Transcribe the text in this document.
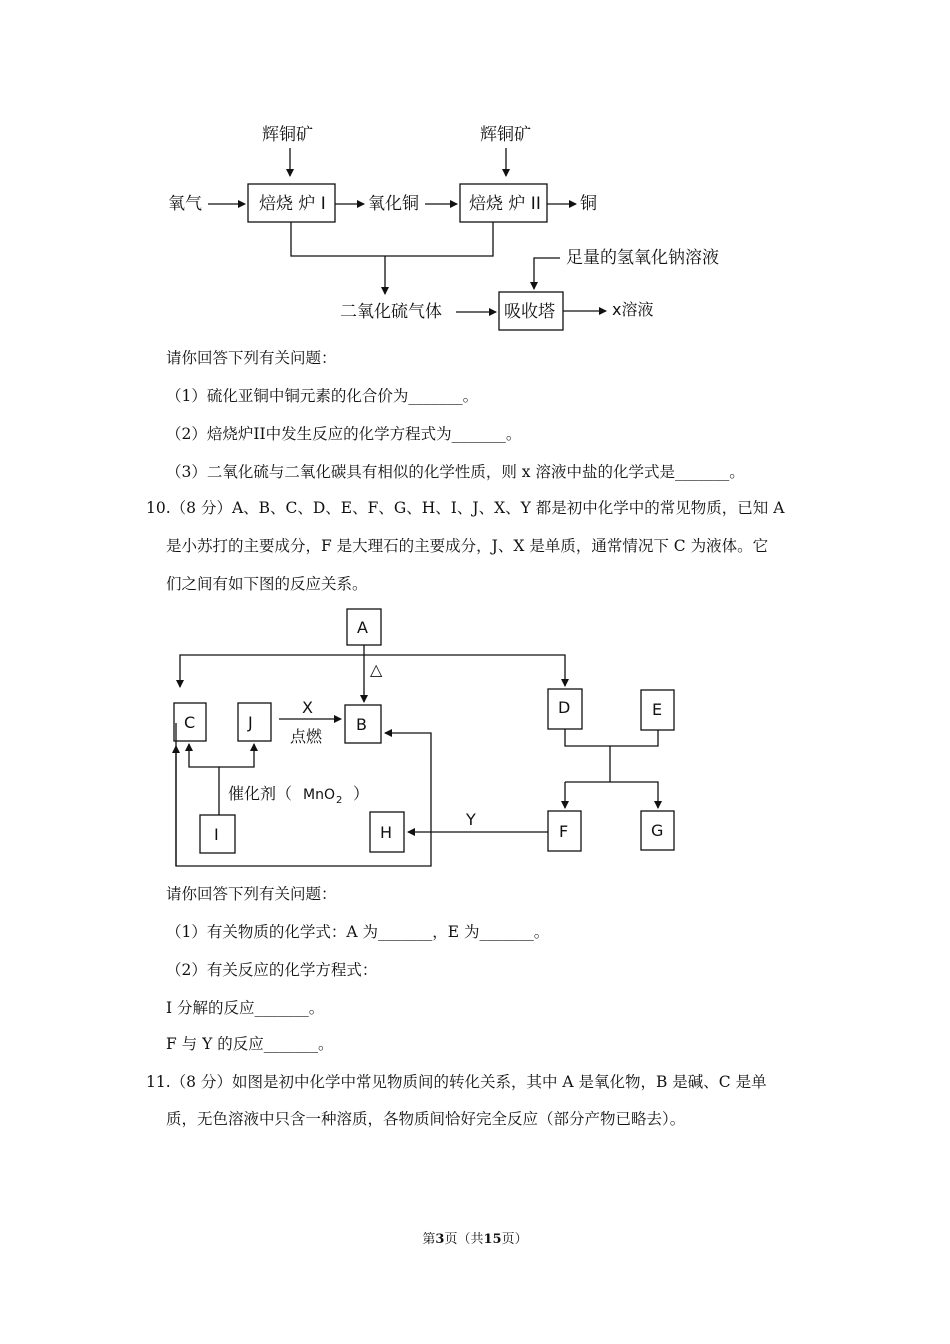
辉铜矿	辉铜矿
氧气	焙烧 炉 I 氧化铜	焙烧 炉 II 铜
二氧化硫气体	吸收塔
足量的氢氧化钠溶液
x溶液
A
C	J	B
D	E
I	H	F	G
△
X
点燃
催化剂（ MnO 2 ）
Y
请你回答下列有关问题：
（1）硫化亚铜中铜元素的化合价为_______。
（2）焙烧炉II中发生反应的化学方程式为_______。
（3）二氧化硫与二氧化碳具有相似的化学性质，则 x 溶液中盐的化学式是_______。
10.（8 分）A、B、C、D、E、F、G、H、I、J、X、Y 都是初中化学中的常见物质，已知 A
是小苏打的主要成分，F 是大理石的主要成分，J、X 是单质，通常情况下 C 为液体。它
们之间有如下图的反应关系。
请你回答下列有关问题：
（1）有关物质的化学式：A 为_______，E 为_______。
（2）有关反应的化学方程式：
I 分解的反应_______。
F 与 Y 的反应_______。
11.（8 分）如图是初中化学中常见物质间的转化关系，其中 A 是氧化物，B 是碱、C 是单
质，无色溶液中只含一种溶质，各物质间恰好完全反应（部分产物已略去）。
第3页（共15页）
